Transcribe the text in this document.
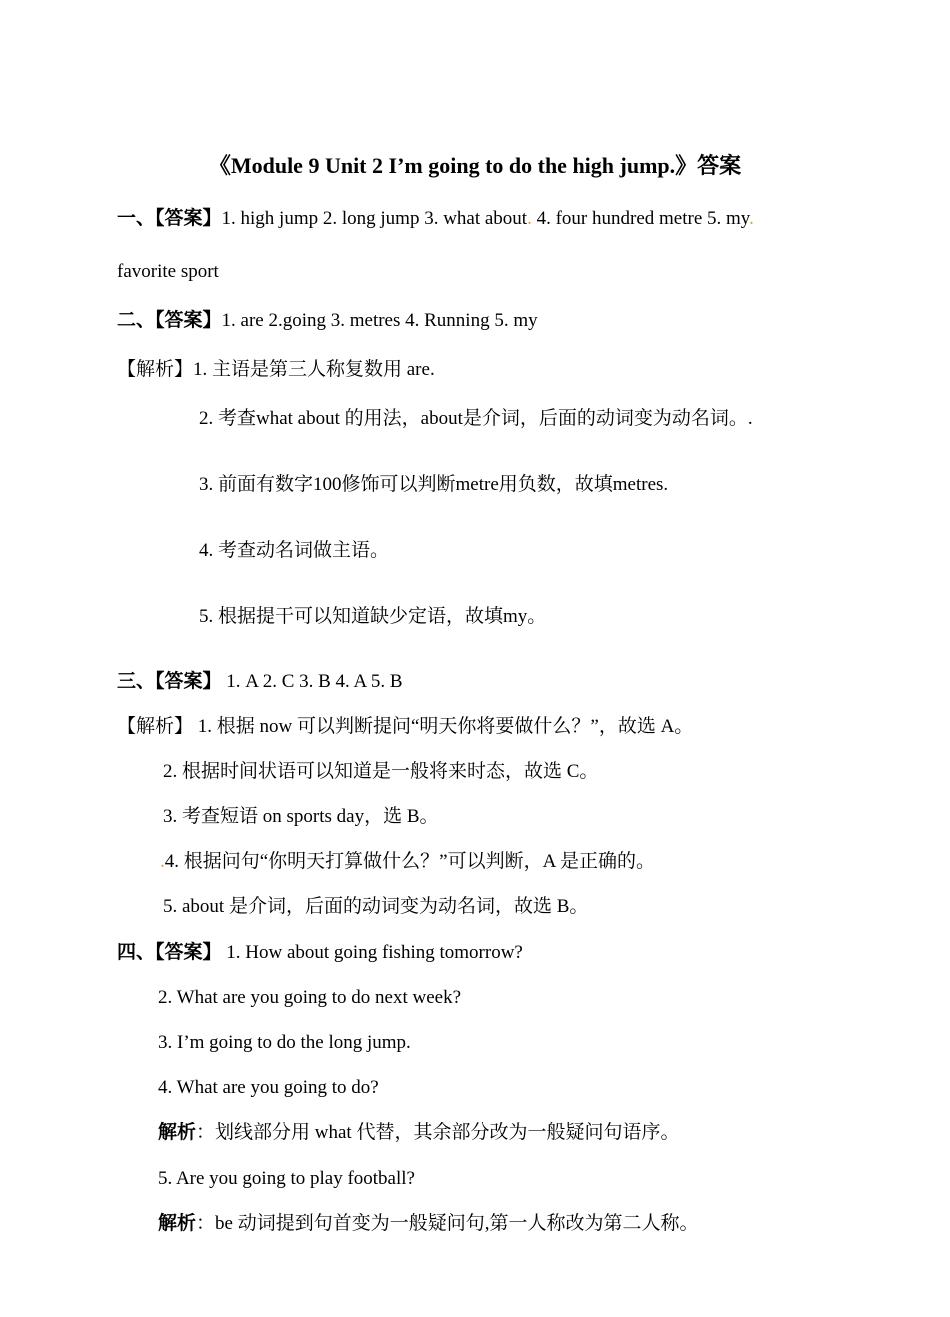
《Module 9 Unit 2 I’m going to do the high jump.》答案
一、【答案】1. high jump 2. long jump 3. what about. 4. four hundred metre 5. my.
favorite sport
二、【答案】1. are 2.going 3. metres 4. Running 5. my
【解析】1. 主语是第三人称复数用 are.
2. 考查what about 的用法，about是介词，后面的动词变为动名词。.
3. 前面有数字100修饰可以判断metre用负数，故填metres.
4. 考查动名词做主语。
5. 根据提干可以知道缺少定语，故填my。
三、【答案】 1. A 2. C 3. B 4. A 5. B
【解析】 1. 根据 now 可以判断提问“明天你将要做什么？”，故选 A。
2. 根据时间状语可以知道是一般将来时态，故选 C。
3. 考查短语 on sports day，选 B。
.4. 根据问句“你明天打算做什么？”可以判断，A 是正确的。
5. about 是介词，后面的动词变为动名词，故选 B。
四、【答案】 1. How about going fishing tomorrow?
2. What are you going to do next week?
3. I’m going to do the long jump.
4. What are you going to do?
解析：划线部分用 what 代替，其余部分改为一般疑问句语序。
5. Are you going to play football?
解析：be 动词提到句首变为一般疑问句,第一人称改为第二人称。
